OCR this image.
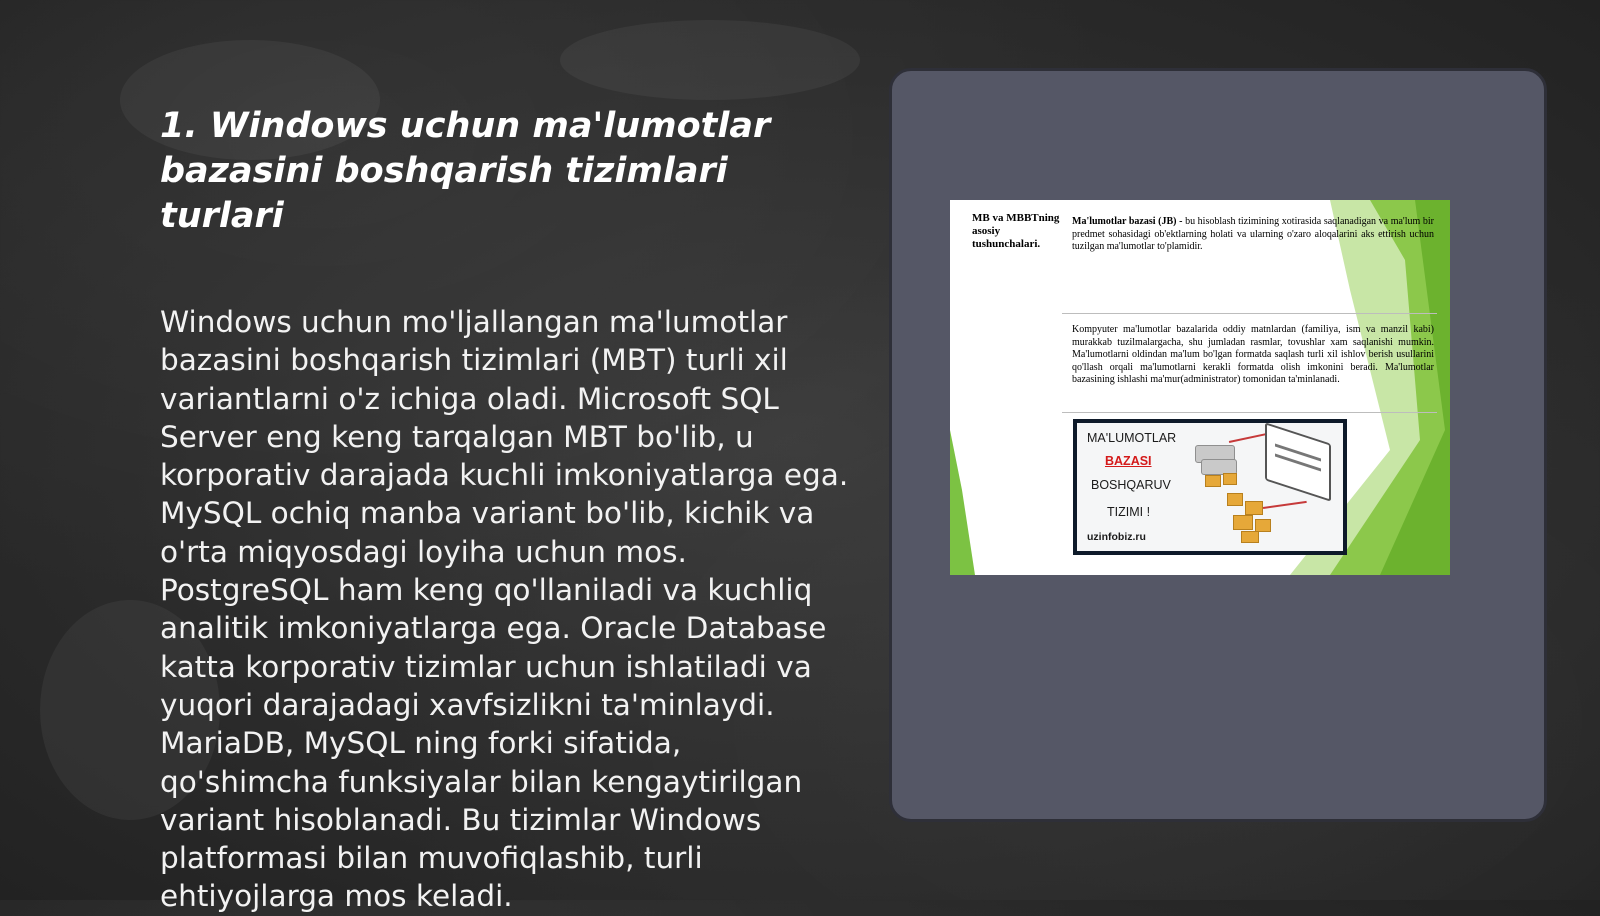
1. Windows uchun ma'lumotlar bazasini boshqarish tizimlari turlari
Windows uchun mo'ljallangan ma'lumotlar bazasini boshqarish tizimlari (MBT) turli xil variantlarni o'z ichiga oladi. Microsoft SQL Server eng keng tarqalgan MBT bo'lib, u korporativ darajada kuchli imkoniyatlarga ega. MySQL ochiq manba variant bo'lib, kichik va o'rta miqyosdagi loyiha uchun mos. PostgreSQL ham keng qo'llaniladi va kuchliq analitik imkoniyatlarga ega. Oracle Database katta korporativ tizimlar uchun ishlatiladi va yuqori darajadagi xavfsizlikni ta'minlaydi. MariaDB, MySQL ning forki sifatida, qo'shimcha funksiyalar bilan kengaytirilgan variant hisoblanadi. Bu tizimlar Windows platformasi bilan muvofiqlashib, turli ehtiyojlarga mos keladi.
MB va MBBTning asosiy tushunchalari.
Ma'lumotlar bazasi (JB) - bu hisoblash tizimining xotirasida saqlanadigan va ma'lum bir predmet sohasidagi ob'ektlarning holati va ularning o'zaro aloqalarini aks ettirish uchun tuzilgan ma'lumotlar to'plamidir.
Kompyuter ma'lumotlar bazalarida oddiy matnlardan (familiya, ism va manzil kabi) murakkab tuzilmalargacha, shu jumladan rasmlar, tovushlar xam saqlanishi mumkin. Ma'lumotlarni oldindan ma'lum bo'lgan formatda saqlash turli xil ishlov berish usullarini qo'llash orqali ma'lumotlarni kerakli formatda olish imkonini beradi. Ma'lumotlar bazasining ishlashi ma'mur(administrator) tomonidan ta'minlanadi.
MA'LUMOTLAR
BAZASI
BOSHQARUV
TIZIMI !
uzinfobiz.ru
